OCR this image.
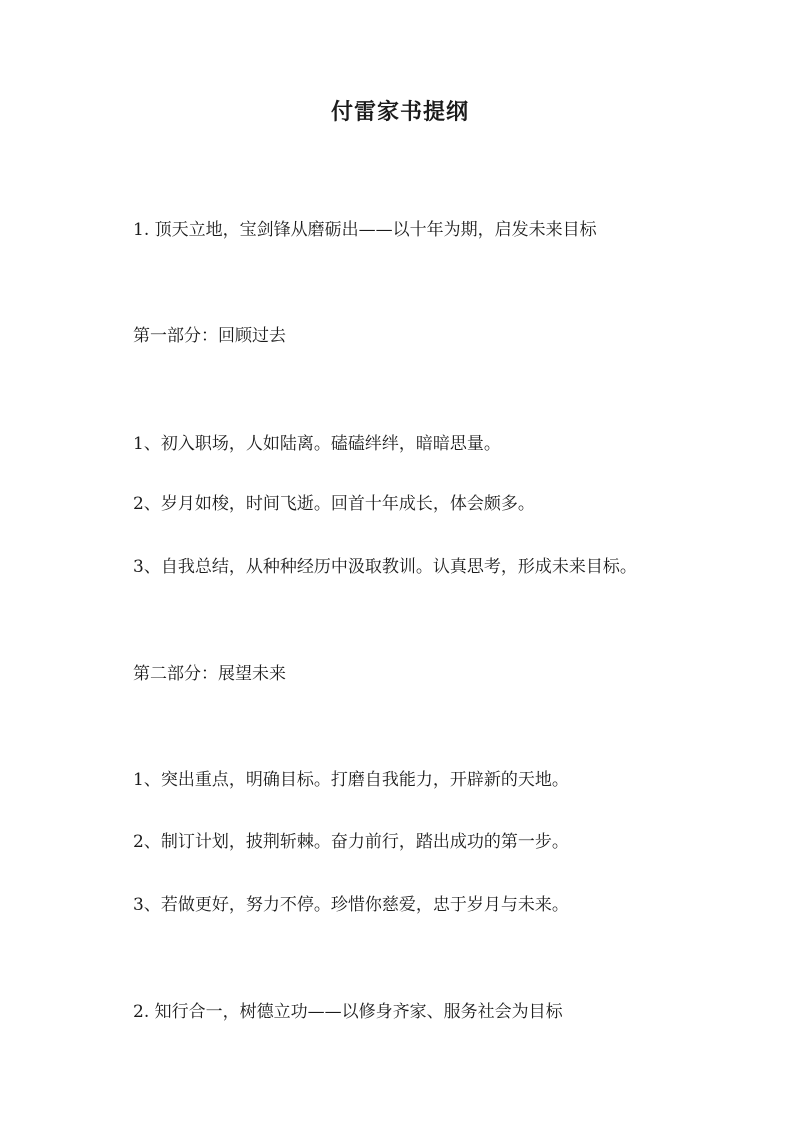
付雷家书提纲
1. 顶天立地，宝剑锋从磨砺出——以十年为期，启发未来目标
第一部分：回顾过去
1、初入职场，人如陆离。磕磕绊绊，暗暗思量。
2、岁月如梭，时间飞逝。回首十年成长，体会颇多。
3、自我总结，从种种经历中汲取教训。认真思考，形成未来目标。
第二部分：展望未来
1、突出重点，明确目标。打磨自我能力，开辟新的天地。
2、制订计划，披荆斩棘。奋力前行，踏出成功的第一步。
3、若做更好，努力不停。珍惜你慈爱，忠于岁月与未来。
2. 知行合一，树德立功——以修身齐家、服务社会为目标
